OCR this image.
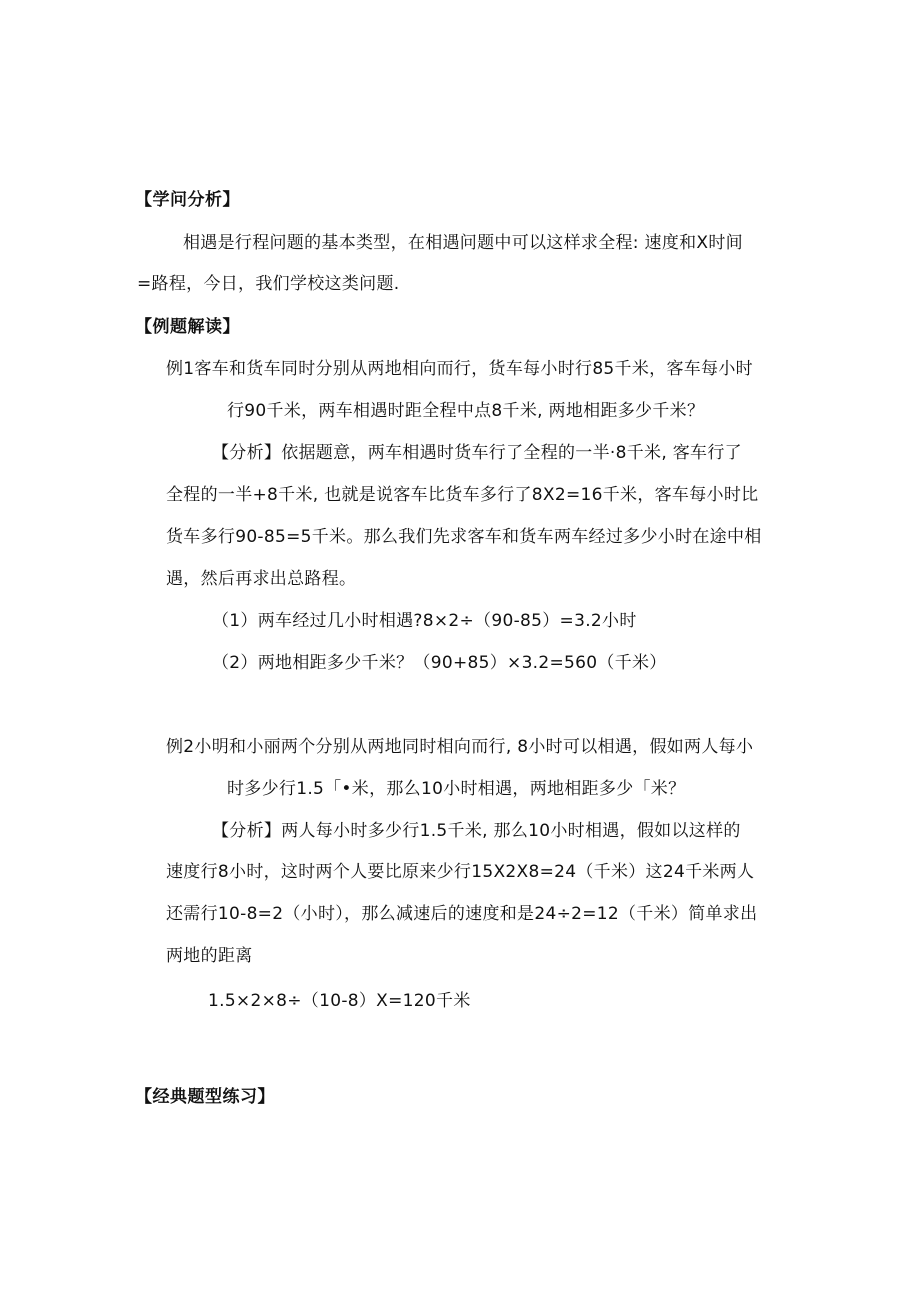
【学问分析】
相遇是行程问题的基本类型，在相遇问题中可以这样求全程: 速度和X时间
=路程，今日，我们学校这类问题.
【例题解读】
例1客车和货车同时分别从两地相向而行，货车每小时行85千米，客车每小时
行90千米，两车相遇时距全程中点8千米, 两地相距多少千米？
【分析】依据题意，两车相遇时货车行了全程的一半·8千米, 客车行了
全程的一半+8千米, 也就是说客车比货车多行了8X2=16千米，客车每小时比
货车多行90-85=5千米。那么我们先求客车和货车两车经过多少小时在途中相
遇，然后再求出总路程。
（1）两车经过几小时相遇?8×2÷（90-85）=3.2小时
（2）两地相距多少千米？（90+85）×3.2=560（千米）
例2小明和小丽两个分别从两地同时相向而行, 8小时可以相遇，假如两人每小
时多少行1.5「•米，那么10小时相遇，两地相距多少「米？
【分析】两人每小时多少行1.5千米, 那么10小时相遇，假如以这样的
速度行8小时，这时两个人要比原来少行15X2X8=24（千米）这24千米两人
还需行10-8=2（小时），那么减速后的速度和是24÷2=12（千米）简单求出
两地的距离
1.5×2×8÷（10-8）X=120千米
【经典题型练习】
